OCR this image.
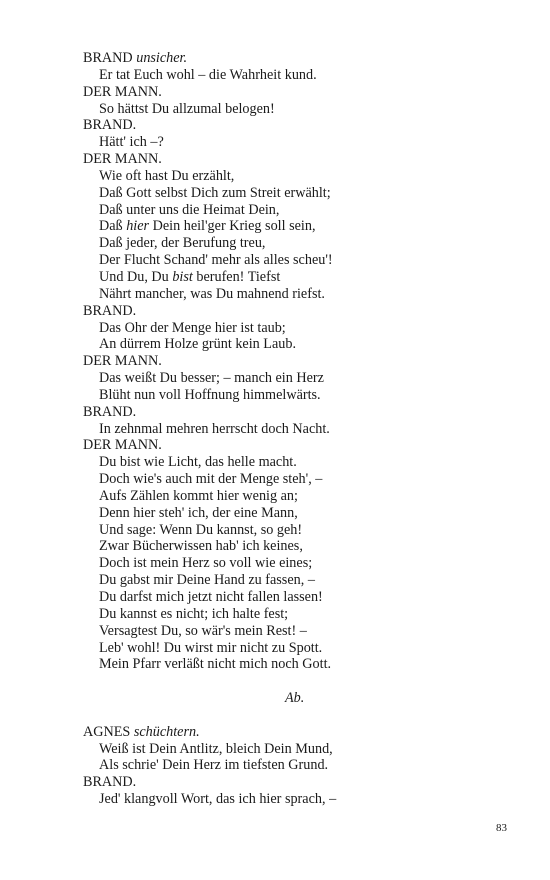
BRAND unsicher.
Er tat Euch wohl – die Wahrheit kund.
DER MANN.
So hättst Du allzumal belogen!
BRAND.
Hätt' ich –?
DER MANN.
Wie oft hast Du erzählt,
Daß Gott selbst Dich zum Streit erwählt;
Daß unter uns die Heimat Dein,
Daß hier Dein heil'ger Krieg soll sein,
Daß jeder, der Berufung treu,
Der Flucht Schand' mehr als alles scheu'!
Und Du, Du bist berufen! Tiefst
Nährt mancher, was Du mahnend riefst.
BRAND.
Das Ohr der Menge hier ist taub;
An dürrem Holze grünt kein Laub.
DER MANN.
Das weißt Du besser; – manch ein Herz
Blüht nun voll Hoffnung himmelwärts.
BRAND.
In zehnmal mehren herrscht doch Nacht.
DER MANN.
Du bist wie Licht, das helle macht.
Doch wie's auch mit der Menge steh', –
Aufs Zählen kommt hier wenig an;
Denn hier steh' ich, der eine Mann,
Und sage: Wenn Du kannst, so geh!
Zwar Bücherwissen hab' ich keines,
Doch ist mein Herz so voll wie eines;
Du gabst mir Deine Hand zu fassen, –
Du darfst mich jetzt nicht fallen lassen!
Du kannst es nicht; ich halte fest;
Versagtest Du, so wär's mein Rest! –
Leb' wohl! Du wirst mir nicht zu Spott.
Mein Pfarr verläßt nicht mich noch Gott.
Ab.
AGNES schüchtern.
Weiß ist Dein Antlitz, bleich Dein Mund,
Als schrie' Dein Herz im tiefsten Grund.
BRAND.
Jed' klangvoll Wort, das ich hier sprach, –
83
